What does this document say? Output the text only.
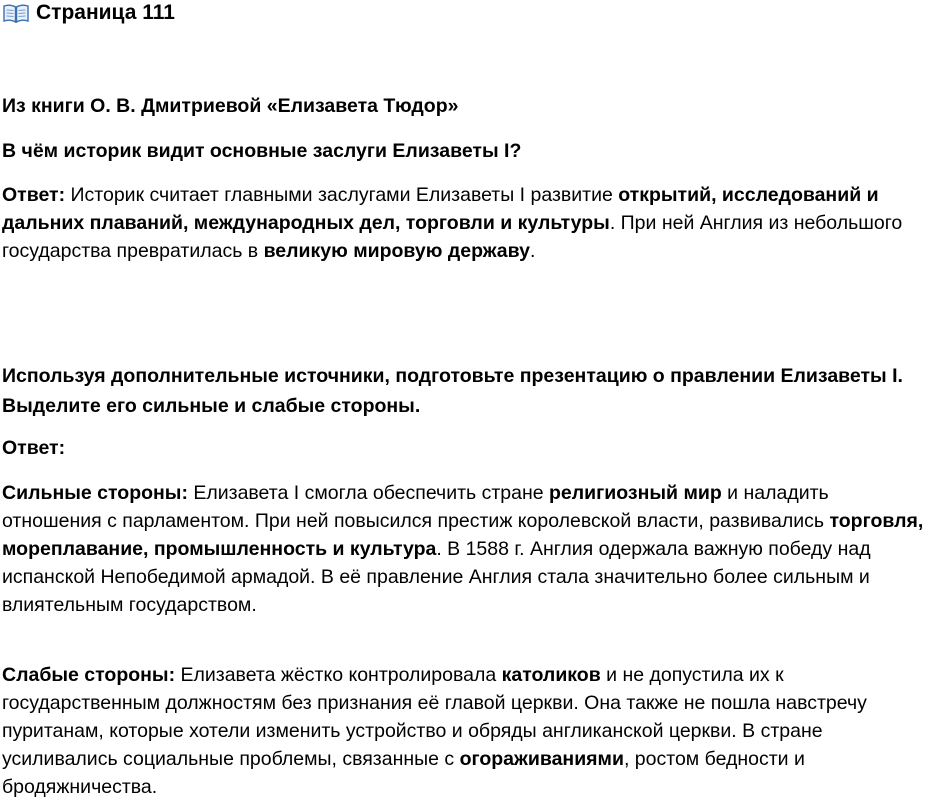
Страница 111

Из книги О. В. Дмитриевой «Елизавета Тюдор»

В чём историк видит основные заслуги Елизаветы I?

Ответ: Историк считает главными заслугами Елизаветы I развитие открытий, исследований и дальних плаваний, международных дел, торговли и культуры. При ней Англия из небольшого государства превратилась в великую мировую державу.

Используя дополнительные источники, подготовьте презентацию о правлении Елизаветы I. Выделите его сильные и слабые стороны.

Ответ:

Сильные стороны: Елизавета I смогла обеспечить стране религиозный мир и наладить отношения с парламентом. При ней повысился престиж королевской власти, развивались торговля, мореплавание, промышленность и культура. В 1588 г. Англия одержала важную победу над испанской Непобедимой армадой. В её правление Англия стала значительно более сильным и влиятельным государством.

Слабые стороны: Елизавета жёстко контролировала католиков и не допустила их к государственным должностям без признания её главой церкви. Она также не пошла навстречу пуританам, которые хотели изменить устройство и обряды англиканской церкви. В стране усиливались социальные проблемы, связанные с огораживаниями, ростом бедности и бродяжничества.
